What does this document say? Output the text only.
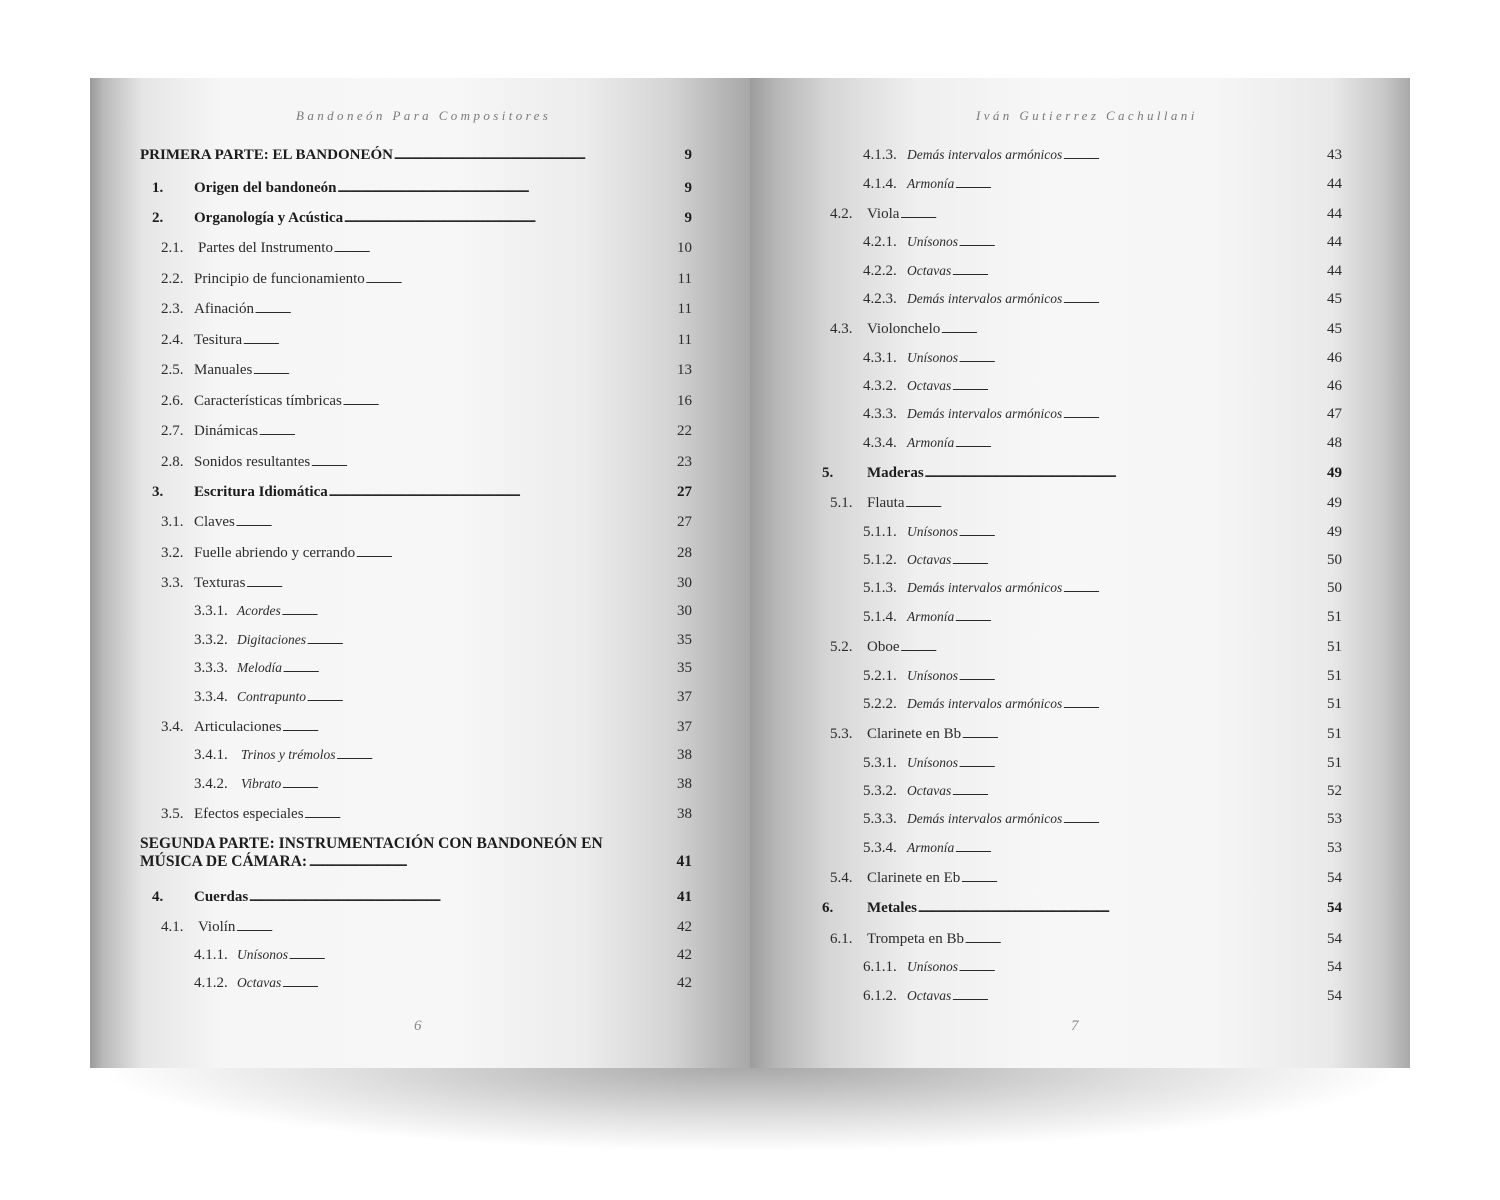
Bandoneón Para Compositores
PRIMERA PARTE: EL BANDONEÓN . . .	9
1.	Origen del bandoneón . . .	9
2.	Organología y Acústica . . .	9
2.1. Partes del Instrumento . . .	10
2.2. Principio de funcionamiento . . .	11
2.3. Afinación . . .	11
2.4. Tesitura . . .	11
2.5. Manuales . . .	13
2.6. Características tímbricas . . .	16
2.7. Dinámicas . . .	22
2.8. Sonidos resultantes . . .	23
3.	Escritura Idiomática . . .	27
3.1. Claves . . .	27
3.2. Fuelle abriendo y cerrando . . .	28
3.3. Texturas . . .	30
3.3.1. Acordes . . .	30
3.3.2. Digitaciones . . .	35
3.3.3. Melodía . . .	35
3.3.4. Contrapunto . . .	37
3.4. Articulaciones . . .	37
3.4.1. Trinos y trémolos . . .	38
3.4.2. Vibrato . . .	38
3.5. Efectos especiales . . .	38
SEGUNDA PARTE: INSTRUMENTACIÓN CON BANDONEÓN EN
MÚSICA DE CÁMARA: . . .	41
4.	Cuerdas . . .	41
4.1. Violín . . .	42
4.1.1. Unísonos . . .	42
4.1.2. Octavas . . .	42
6
Iván Gutierrez Cachullani
4.1.3. Demás intervalos armónicos . . .	43
4.1.4. Armonía . . .	44
4.2. Viola . . .	44
4.2.1. Unísonos . . .	44
4.2.2. Octavas . . .	44
4.2.3. Demás intervalos armónicos . . .	45
4.3. Violonchelo . . .	45
4.3.1. Unísonos . . .	46
4.3.2. Octavas . . .	46
4.3.3. Demás intervalos armónicos . . .	47
4.3.4. Armonía . . .	48
5.	Maderas . . .	49
5.1. Flauta . . .	49
5.1.1. Unísonos . . .	49
5.1.2. Octavas . . .	50
5.1.3. Demás intervalos armónicos . . .	50
5.1.4. Armonía . . .	51
5.2. Oboe . . .	51
5.2.1. Unísonos . . .	51
5.2.2. Demás intervalos armónicos . . .	51
5.3. Clarinete en Bb . . .	51
5.3.1. Unísonos . . .	51
5.3.2. Octavas . . .	52
5.3.3. Demás intervalos armónicos . . .	53
5.3.4. Armonía . . .	53
5.4. Clarinete en Eb . . .	54
6.	Metales . . .	54
6.1. Trompeta en Bb . . .	54
6.1.1. Unísonos . . .	54
6.1.2. Octavas . . .	54
7
